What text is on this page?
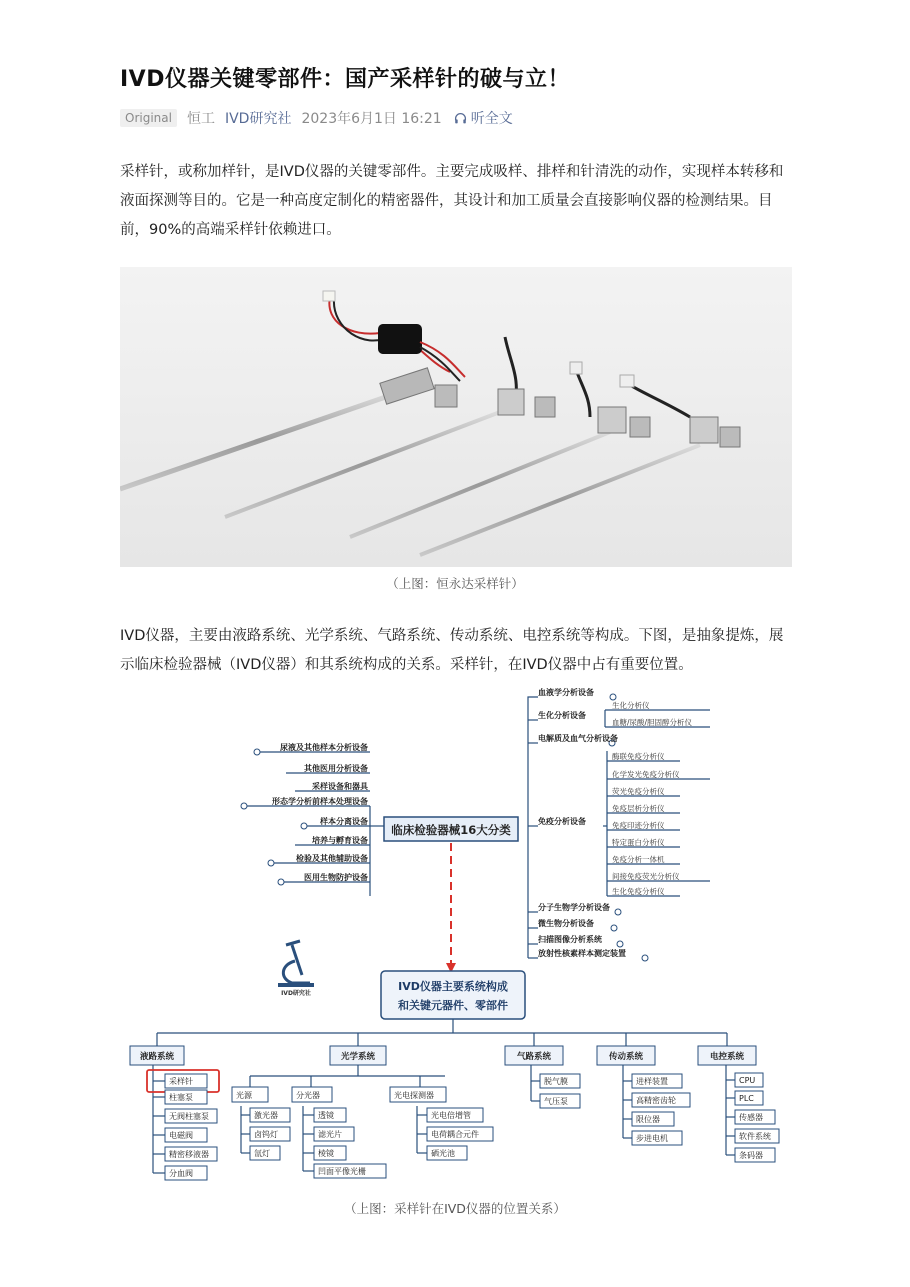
IVD仪器关键零部件：国产采样针的破与立！
Original	恒工 IVD研究社 2023年6月1日 16:21 听全文
采样针，或称加样针，是IVD仪器的关键零部件。主要完成吸样、排样和针清洗的动作，实现样本转移和液面探测等目的。它是一种高度定制化的精密器件，其设计和加工质量会直接影响仪器的检测结果。目前，90%的高端采样针依赖进口。
（上图：恒永达采样针）
IVD仪器，主要由液路系统、光学系统、气路系统、传动系统、电控系统等构成。下图，是抽象提炼，展示临床检验器械（IVD仪器）和其系统构成的关系。采样针，在IVD仪器中占有重要位置。
临床检验器械16大分类
尿液及其他样本分析设备
其他医用分析设备
采样设备和器具
形态学分析前样本处理设备
样本分离设备
培养与孵育设备
检验及其他辅助设备
医用生物防护设备
血液学分析设备
生化分析设备
电解质及血气分析设备
免疫分析设备
分子生物学分析设备
微生物分析设备
扫描图像分析系统
放射性核素样本测定装置
生化分析仪
血糖/尿酸/胆固醇分析仪
酶联免疫分析仪
化学发光免疫分析仪
荧光免疫分析仪
免疫层析分析仪
免疫印迹分析仪
特定蛋白分析仪
免疫分析一体机
间接免疫荧光分析仪
生化免疫分析仪
IVD研究社
IVD仪器主要系统构成
和关键元器件、零部件
液路系统	光学系统	气路系统	传动系统	电控系统
采样针
柱塞泵
无阀柱塞泵
电磁阀
精密移液器
分血阀
光源	分光器	光电探测器
激光器
卤钨灯
氙灯
透镜
滤光片
棱镜
凹面平像光栅
光电倍增管
电荷耦合元件
硒光池
脱气膜
气压泵
进样装置
高精密齿轮
限位器
步进电机
CPU
PLC
传感器
软件系统
条码器
（上图：采样针在IVD仪器的位置关系）
